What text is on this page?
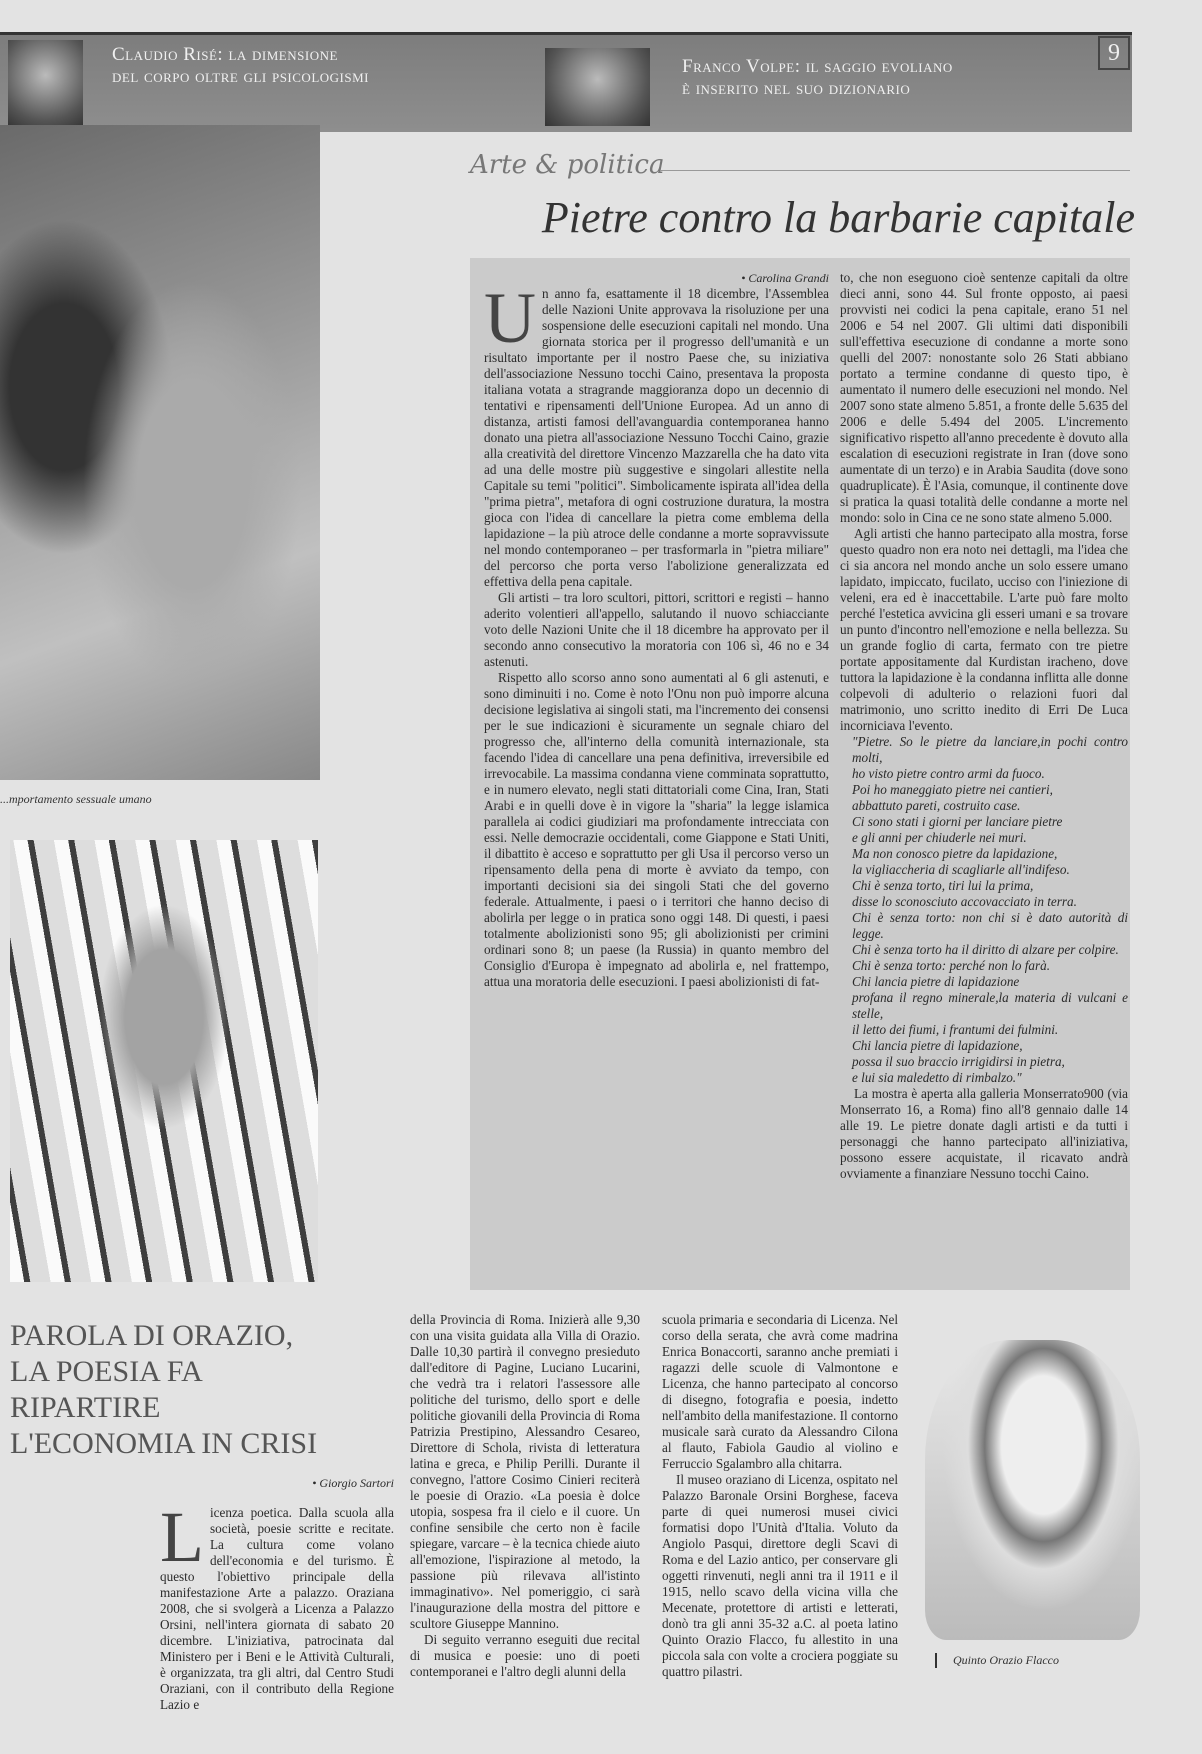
Claudio Risé: la dimensione
del corpo oltre gli psicologismi	Franco Volpe: il saggio evoliano
è inserito nel suo dizionario
9
...mportamento sessuale umano
Arte & politica
Pietre contro la barbarie capitale
• Carolina Grandi
U n anno fa, esattamente il 18 dicembre, l'Assemblea delle Nazioni Unite approvava la risoluzione per una sospensione delle esecuzioni capitali nel mondo. Una giornata storica per il progresso dell'umanità e un risultato importante per il nostro Paese che, su iniziativa dell'associazione Nessuno tocchi Caino, presentava la proposta italiana votata a stragrande maggioranza dopo un decennio di tentativi e ripensamenti dell'Unione Europea. Ad un anno di distanza, artisti famosi dell'avanguardia contemporanea hanno donato una pietra all'associazione Nessuno Tocchi Caino, grazie alla creatività del direttore Vincenzo Mazzarella che ha dato vita ad una delle mostre più suggestive e singolari allestite nella Capitale su temi "politici". Simbolicamente ispirata all'idea della "prima pietra", metafora di ogni costruzione duratura, la mostra gioca con l'idea di cancellare la pietra come emblema della lapidazione – la più atroce delle condanne a morte sopravvissute nel mondo contemporaneo – per trasformarla in "pietra miliare" del percorso che porta verso l'abolizione generalizzata ed effettiva della pena capitale.

Gli artisti – tra loro scultori, pittori, scrittori e registi – hanno aderito volentieri all'appello, salutando il nuovo schiacciante voto delle Nazioni Unite che il 18 dicembre ha approvato per il secondo anno consecutivo la moratoria con 106 sì, 46 no e 34 astenuti.

Rispetto allo scorso anno sono aumentati al 6 gli astenuti, e sono diminuiti i no. Come è noto l'Onu non può imporre alcuna decisione legislativa ai singoli stati, ma l'incremento dei consensi per le sue indicazioni è sicuramente un segnale chiaro del progresso che, all'interno della comunità internazionale, sta facendo l'idea di cancellare una pena definitiva, irreversibile ed irrevocabile. La massima condanna viene comminata soprattutto, e in numero elevato, negli stati dittatoriali come Cina, Iran, Stati Arabi e in quelli dove è in vigore la "sharia" la legge islamica parallela ai codici giudiziari ma profondamente intrecciata con essi. Nelle democrazie occidentali, come Giappone e Stati Uniti, il dibattito è acceso e soprattutto per gli Usa il percorso verso un ripensamento della pena di morte è avviato da tempo, con importanti decisioni sia dei singoli Stati che del governo federale. Attualmente, i paesi o i territori che hanno deciso di abolirla per legge o in pratica sono oggi 148. Di questi, i paesi totalmente abolizionisti sono 95; gli abolizionisti per crimini ordinari sono 8; un paese (la Russia) in quanto membro del Consiglio d'Europa è impegnato ad abolirla e, nel frattempo, attua una moratoria delle esecuzioni. I paesi abolizionisti di fat-

to, che non eseguono cioè sentenze capitali da oltre dieci anni, sono 44. Sul fronte opposto, ai paesi provvisti nei codici la pena capitale, erano 51 nel 2006 e 54 nel 2007. Gli ultimi dati disponibili sull'effettiva esecuzione di condanne a morte sono quelli del 2007: nonostante solo 26 Stati abbiano portato a termine condanne di questo tipo, è aumentato il numero delle esecuzioni nel mondo. Nel 2007 sono state almeno 5.851, a fronte delle 5.635 del 2006 e delle 5.494 del 2005. L'incremento significativo rispetto all'anno precedente è dovuto alla escalation di esecuzioni registrate in Iran (dove sono aumentate di un terzo) e in Arabia Saudita (dove sono quadruplicate). È l'Asia, comunque, il continente dove si pratica la quasi totalità delle condanne a morte nel mondo: solo in Cina ce ne sono state almeno 5.000.

Agli artisti che hanno partecipato alla mostra, forse questo quadro non era noto nei dettagli, ma l'idea che ci sia ancora nel mondo anche un solo essere umano lapidato, impiccato, fucilato, ucciso con l'iniezione di veleni, era ed è inaccettabile. L'arte può fare molto perché l'estetica avvicina gli esseri umani e sa trovare un punto d'incontro nell'emozione e nella bellezza. Su un grande foglio di carta, fermato con tre pietre portate appositamente dal Kurdistan iracheno, dove tuttora la lapidazione è la condanna inflitta alle donne colpevoli di adulterio o relazioni fuori dal matrimonio, uno scritto inedito di Erri De Luca incorniciava l'evento.

"Pietre. So le pietre da lanciare,in pochi contro molti,
ho visto pietre contro armi da fuoco.
Poi ho maneggiato pietre nei cantieri,
abbattuto pareti, costruito case.
Ci sono stati i giorni per lanciare pietre
e gli anni per chiuderle nei muri.
Ma non conosco pietre da lapidazione,
la vigliaccheria di scagliarle all'indifeso.
Chi è senza torto, tiri lui la prima,
disse lo sconosciuto accovacciato in terra.
Chi è senza torto: non chi si è dato autorità di legge.
Chi è senza torto ha il diritto di alzare per colpire.
Chi è senza torto: perché non lo farà.
Chi lancia pietre di lapidazione
profana il regno minerale,la materia di vulcani e stelle,
il letto dei fiumi, i frantumi dei fulmini.
Chi lancia pietre di lapidazione,
possa il suo braccio irrigidirsi in pietra,
e lui sia maledetto di rimbalzo."

La mostra è aperta alla galleria Monserrato900 (via Monserrato 16, a Roma) fino all'8 gennaio dalle 14 alle 19. Le pietre donate dagli artisti e da tutti i personaggi che hanno partecipato all'iniziativa, possono essere acquistate, il ricavato andrà ovviamente a finanziare Nessuno tocchi Caino.

PAROLA DI ORAZIO,
LA POESIA FA RIPARTIRE
L'ECONOMIA IN CRISI
• Giorgio Sartori
L icenza poetica. Dalla scuola alla società, poesie scritte e recitate. La cultura come volano dell'economia e del turismo. È questo l'obiettivo principale della manifestazione Arte a palazzo. Oraziana 2008, che si svolgerà a Licenza a Palazzo Orsini, nell'intera giornata di sabato 20 dicembre. L'iniziativa, patrocinata dal Ministero per i Beni e le Attività Culturali, è organizzata, tra gli altri, dal Centro Studi Oraziani, con il contributo della Regione Lazio e

della Provincia di Roma. Inizierà alle 9,30 con una visita guidata alla Villa di Orazio. Dalle 10,30 partirà il convegno presieduto dall'editore di Pagine, Luciano Lucarini, che vedrà tra i relatori l'assessore alle politiche del turismo, dello sport e delle politiche giovanili della Provincia di Roma Patrizia Prestipino, Alessandro Cesareo, Direttore di Schola, rivista di letteratura latina e greca, e Philip Perilli. Durante il convegno, l'attore Cosimo Cinieri reciterà le poesie di Orazio. «La poesia è dolce utopia, sospesa fra il cielo e il cuore. Un confine sensibile che certo non è facile spiegare, varcare – è la tecnica chiede aiuto all'emozione, l'ispirazione al metodo, la passione più rilevava all'istinto immaginativo». Nel pomeriggio, ci sarà l'inaugurazione della mostra del pittore e scultore Giuseppe Mannino.

Di seguito verranno eseguiti due recital di musica e poesie: uno di poeti contemporanei e l'altro degli alunni della

scuola primaria e secondaria di Licenza. Nel corso della serata, che avrà come madrina Enrica Bonaccorti, saranno anche premiati i ragazzi delle scuole di Valmontone e Licenza, che hanno partecipato al concorso di disegno, fotografia e poesia, indetto nell'ambito della manifestazione. Il contorno musicale sarà curato da Alessandro Cilona al flauto, Fabiola Gaudio al violino e Ferruccio Sgalambro alla chitarra.

Il museo oraziano di Licenza, ospitato nel Palazzo Baronale Orsini Borghese, faceva parte di quei numerosi musei civici formatisi dopo l'Unità d'Italia. Voluto da Angiolo Pasqui, direttore degli Scavi di Roma e del Lazio antico, per conservare gli oggetti rinvenuti, negli anni tra il 1911 e il 1915, nello scavo della vicina villa che Mecenate, protettore di artisti e letterati, donò tra gli anni 35-32 a.C. al poeta latino Quinto Orazio Flacco, fu allestito in una piccola sala con volte a crociera poggiate su quattro pilastri.

Quinto Orazio Flacco
